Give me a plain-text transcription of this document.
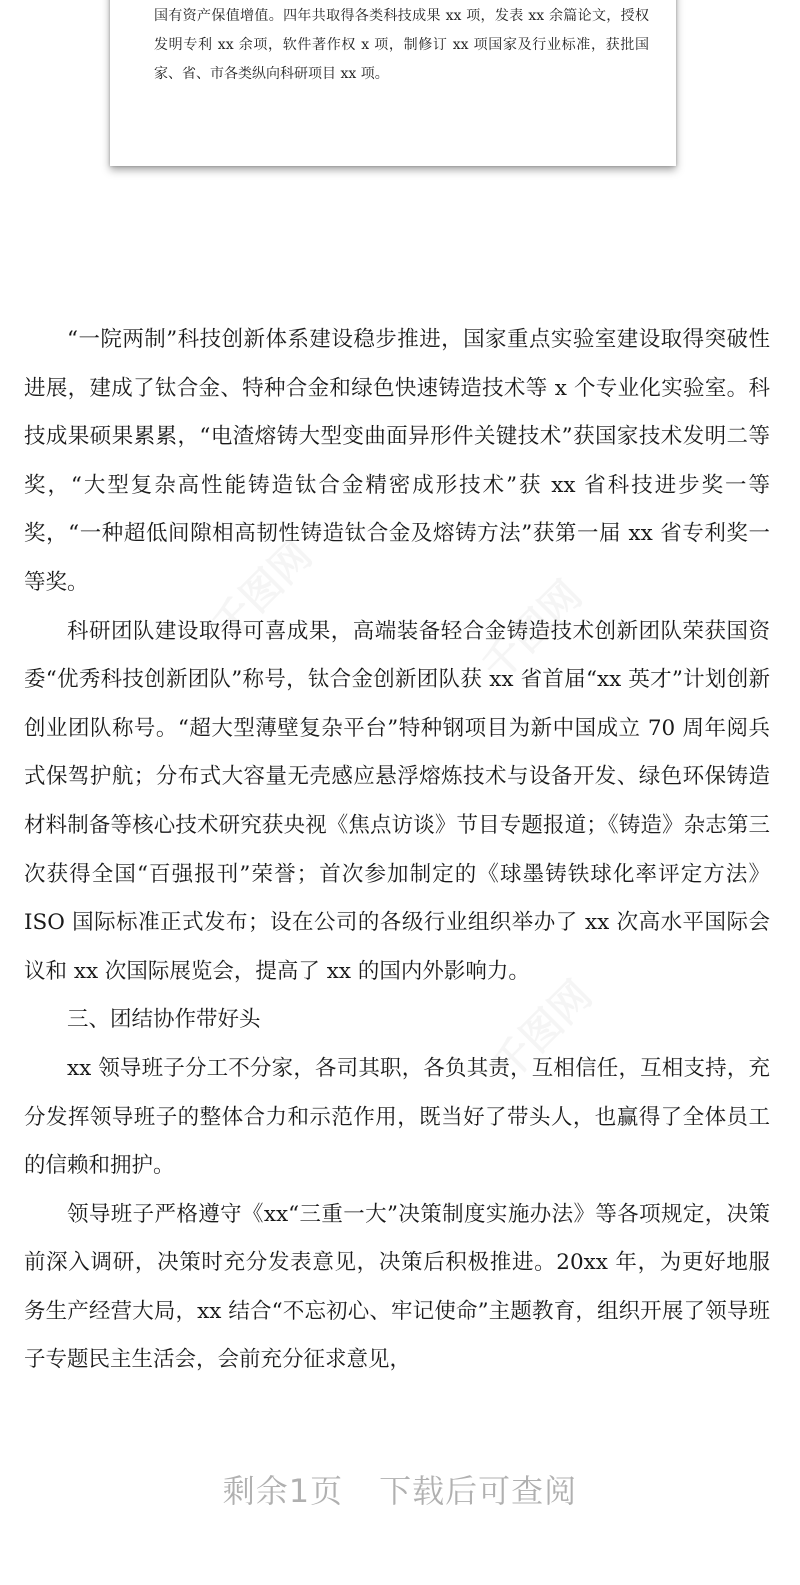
国有资产保值增值。四年共取得各类科技成果 xx 项，发表 xx 余篇论文，授权发明专利 xx 余项，软件著作权 x 项，制修订 xx 项国家及行业标准，获批国家、省、市各类纵向科研项目 xx 项。
千图网	千图网
千图网

“一院两制”科技创新体系建设稳步推进，国家重点实验室建设取得突破性进展，建成了钛合金、特种合金和绿色快速铸造技术等 x 个专业化实验室。科技成果硕果累累，“电渣熔铸大型变曲面异形件关键技术”获国家技术发明二等奖，“大型复杂高性能铸造钛合金精密成形技术”获 xx 省科技进步奖一等奖，“一种超低间隙相高韧性铸造钛合金及熔铸方法”获第一届 xx 省专利奖一等奖。

科研团队建设取得可喜成果，高端装备轻合金铸造技术创新团队荣获国资委“优秀科技创新团队”称号，钛合金创新团队获 xx 省首届“xx 英才”计划创新创业团队称号。“超大型薄壁复杂平台”特种钢项目为新中国成立 70 周年阅兵式保驾护航；分布式大容量无壳感应悬浮熔炼技术与设备开发、绿色环保铸造材料制备等核心技术研究获央视《焦点访谈》节目专题报道；《铸造》杂志第三次获得全国“百强报刊”荣誉；首次参加制定的《球墨铸铁球化率评定方法》ISO 国际标准正式发布；设在公司的各级行业组织举办了 xx 次高水平国际会议和 xx 次国际展览会，提高了 xx 的国内外影响力。

三、团结协作带好头

xx 领导班子分工不分家，各司其职，各负其责，互相信任，互相支持，充分发挥领导班子的整体合力和示范作用，既当好了带头人，也赢得了全体员工的信赖和拥护。

领导班子严格遵守《xx“三重一大”决策制度实施办法》等各项规定，决策前深入调研，决策时充分发表意见，决策后积极推进。20xx 年，为更好地服务生产经营大局，xx 结合“不忘初心、牢记使命”主题教育，组织开展了领导班子专题民主生活会，会前充分征求意见，

剩余1页 下载后可查阅
